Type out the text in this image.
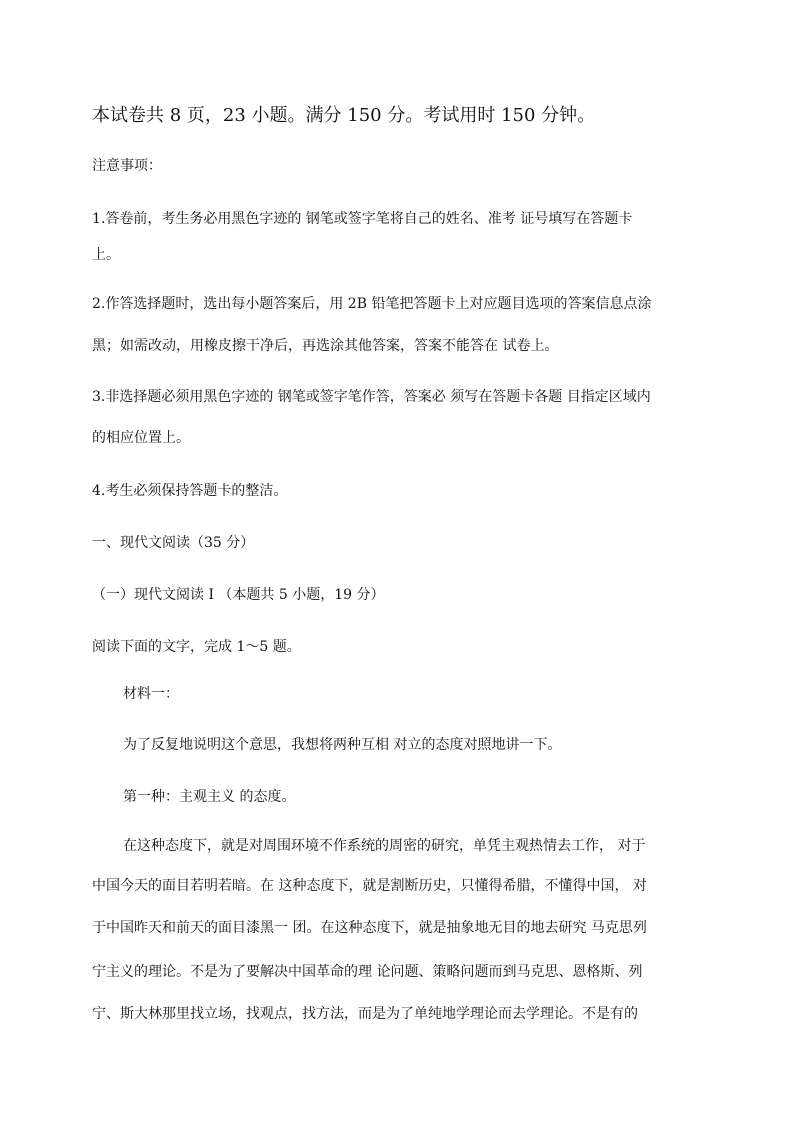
本试卷共 8 页，23 小题。满分 150 分。考试用时 150 分钟。
注意事项：
1.答卷前，考生务必用黑色字迹的 钢笔或签字笔将自己的姓名、准考 证号填写在答题卡
上。
2.作答选择题时，选出每小题答案后，用 2B 铅笔把答题卡上对应题目选项的答案信息点涂
黑；如需改动，用橡皮擦干净后，再选涂其他答案，答案不能答在 试卷上。
3.非选择题必须用黑色字迹的 钢笔或签字笔作答，答案必 须写在答题卡各题 目指定区域内
的相应位置上。
4.考生必须保持答题卡的整洁。
一、现代文阅读（35 分）
（一）现代文阅读 I （本题共 5 小题，19 分）
阅读下面的文字，完成 1～5 题。
材料一：
为了反复地说明这个意思，我想将两种互相 对立的态度对照地讲一下。
第一种：主观主义 的态度。
在这种态度下，就是对周围环境不作系统的周密的研究，单凭主观热情去工作， 对于
中国今天的面目若明若暗。在 这种态度下，就是割断历史，只懂得希腊，不懂得中国， 对
于中国昨天和前天的面目漆黑一 团。在这种态度下，就是抽象地无目的地去研究 马克思列
宁主义的理论。不是为了要解决中国革命的理 论问题、策略问题而到马克思、恩格斯、列
宁、斯大林那里找立场，找观点，找方法，而是为了单纯地学理论而去学理论。不是有的
